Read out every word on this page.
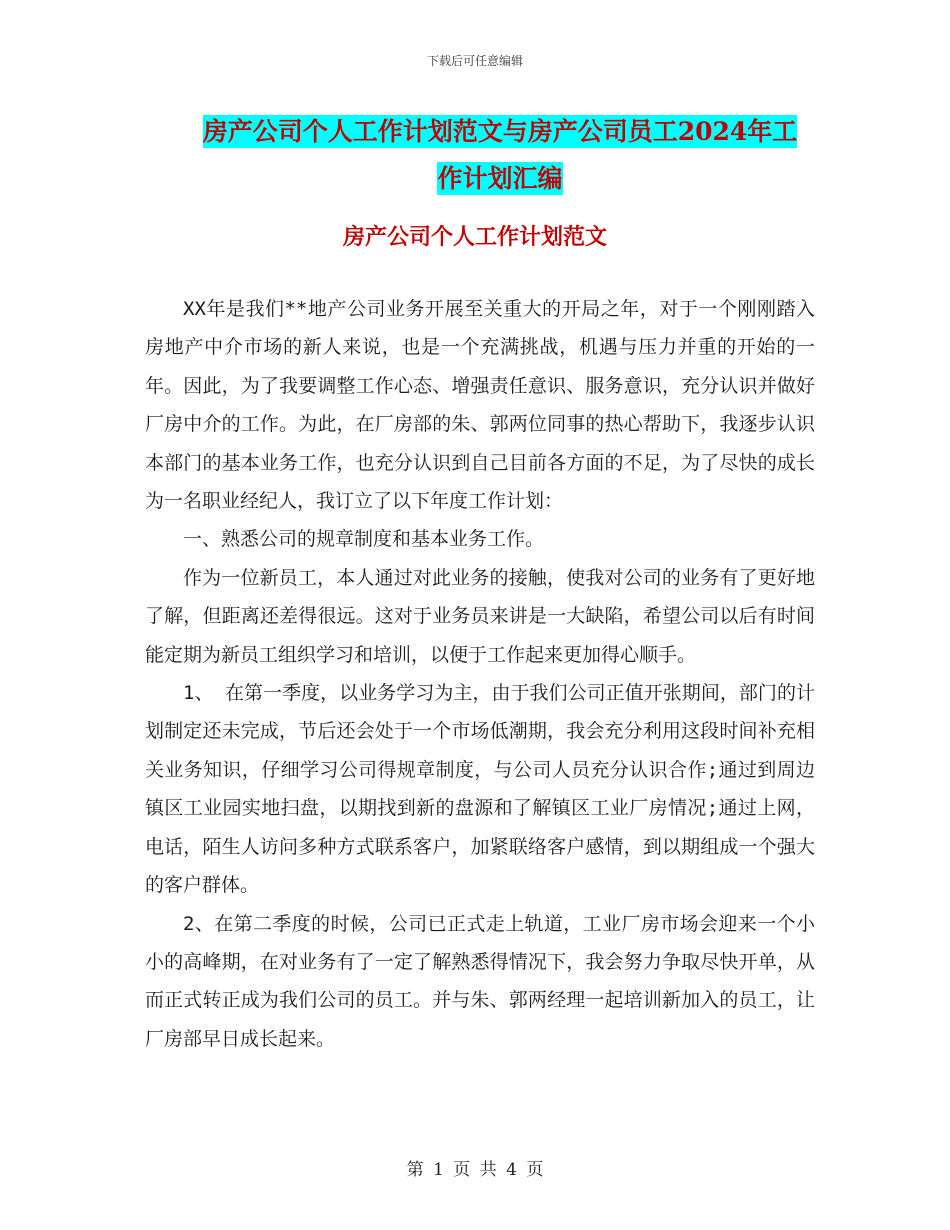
下载后可任意编辑
房产公司个人工作计划范文与房产公司员工2024年工
作计划汇编
房产公司个人工作计划范文

XX年是我们**地产公司业务开展至关重大的开局之年，对于一个刚刚踏入房地产中介市场的新人来说，也是一个充满挑战，机遇与压力并重的开始的一年。因此，为了我要调整工作心态、增强责任意识、服务意识，充分认识并做好厂房中介的工作。为此，在厂房部的朱、郭两位同事的热心帮助下，我逐步认识本部门的基本业务工作，也充分认识到自己目前各方面的不足，为了尽快的成长为一名职业经纪人，我订立了以下年度工作计划：

一、熟悉公司的规章制度和基本业务工作。

作为一位新员工，本人通过对此业务的接触，使我对公司的业务有了更好地了解，但距离还差得很远。这对于业务员来讲是一大缺陷，希望公司以后有时间能定期为新员工组织学习和培训，以便于工作起来更加得心顺手。

1、 在第一季度，以业务学习为主，由于我们公司正值开张期间，部门的计划制定还未完成，节后还会处于一个市场低潮期，我会充分利用这段时间补充相关业务知识，仔细学习公司得规章制度，与公司人员充分认识合作;通过到周边镇区工业园实地扫盘，以期找到新的盘源和了解镇区工业厂房情况;通过上网，电话，陌生人访问多种方式联系客户，加紧联络客户感情，到以期组成一个强大的客户群体。

2、在第二季度的时候，公司已正式走上轨道，工业厂房市场会迎来一个小小的高峰期，在对业务有了一定了解熟悉得情况下，我会努力争取尽快开单，从而正式转正成为我们公司的员工。并与朱、郭两经理一起培训新加入的员工，让厂房部早日成长起来。

第 1 页 共 4 页
